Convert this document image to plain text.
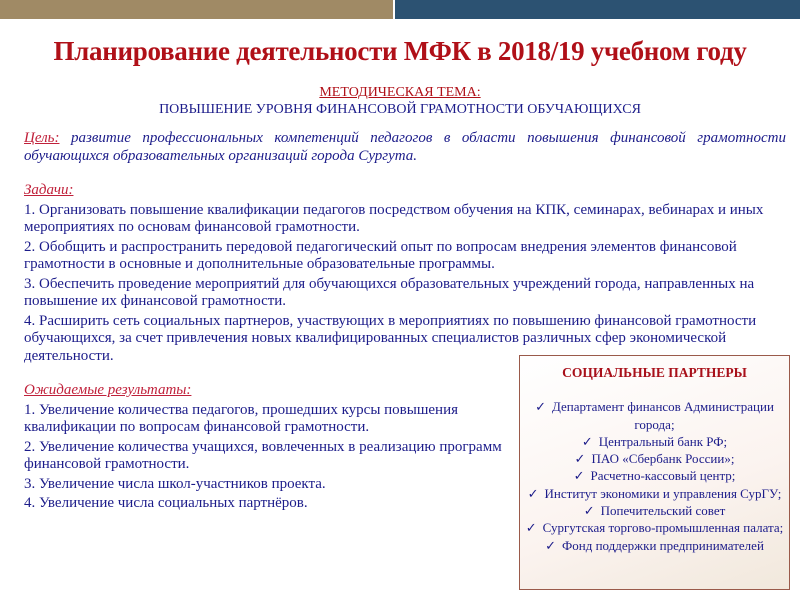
Планирование деятельности МФК в 2018/19 учебном году
МЕТОДИЧЕСКАЯ ТЕМА:
ПОВЫШЕНИЕ УРОВНЯ ФИНАНСОВОЙ ГРАМОТНОСТИ ОБУЧАЮЩИХСЯ
Цель: развитие профессиональных компетенций педагогов в области повышения финансовой грамотности обучающихся образовательных организаций города Сургута.
Задачи:
1. Организовать повышение квалификации педагогов посредством обучения на КПК, семинарах, вебинарах и иных мероприятиях по основам финансовой грамотности.
2. Обобщить и распространить передовой педагогический опыт по вопросам внедрения элементов финансовой грамотности в основные и дополнительные образовательные программы.
3. Обеспечить проведение мероприятий для обучающихся образовательных учреждений города, направленных на повышение их финансовой грамотности.
4. Расширить сеть социальных партнеров, участвующих в мероприятиях по повышению финансовой грамотности обучающихся, за счет привлечения новых квалифицированных специалистов различных сфер экономической деятельности.
Ожидаемые результаты:
1. Увеличение количества педагогов, прошедших курсы повышения квалификации по вопросам финансовой грамотности.
2. Увеличение количества учащихся, вовлеченных в реализацию программ финансовой грамотности.
3. Увеличение числа школ-участников проекта.
4. Увеличение числа социальных партнёров.
СОЦИАЛЬНЫЕ ПАРТНЕРЫ
✓ Департамент финансов Администрации города;
✓ Центральный банк РФ;
✓ ПАО «Сбербанк России»;
✓ Расчетно-кассовый центр;
✓ Институт экономики и управления СурГУ;
✓ Попечительский совет
✓ Сургутская торгово-промышленная палата;
✓ Фонд поддержки предпринимателей
